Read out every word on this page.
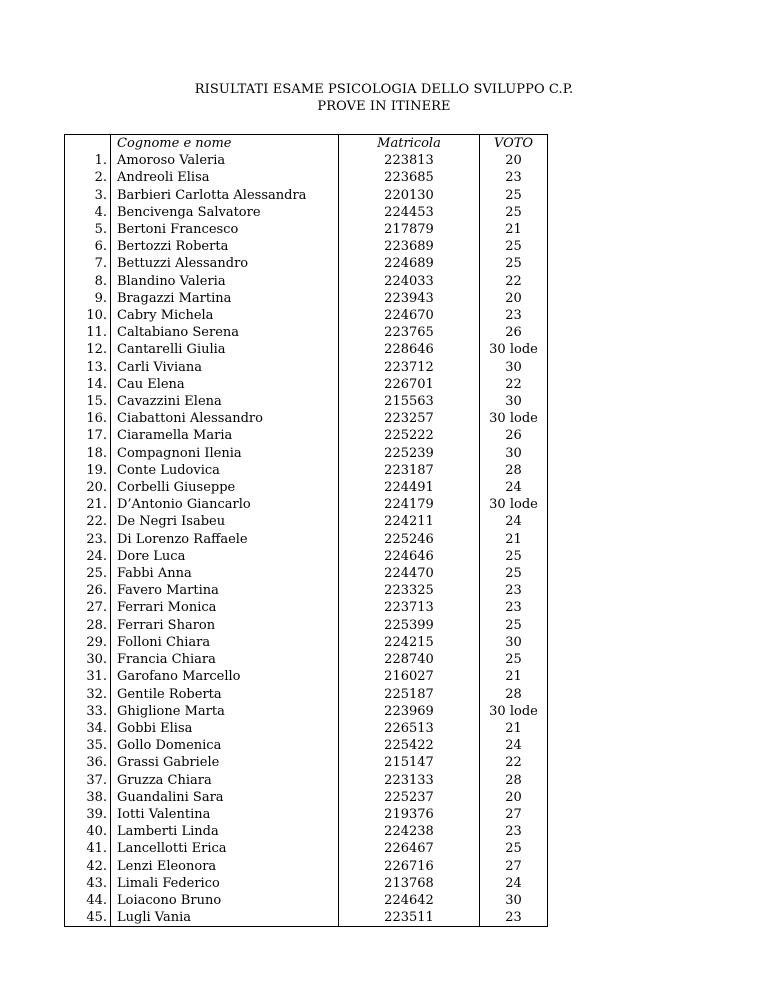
RISULTATI ESAME PSICOLOGIA DELLO SVILUPPO C.P.
PROVE IN ITINERE
	Cognome e nome	Matricola	VOTO
1.	Amoroso Valeria	223813	20
2.	Andreoli Elisa	223685	23
3.	Barbieri Carlotta Alessandra	220130	25
4.	Bencivenga Salvatore	224453	25
5.	Bertoni Francesco	217879	21
6.	Bertozzi Roberta	223689	25
7.	Bettuzzi Alessandro	224689	25
8.	Blandino Valeria	224033	22
9.	Bragazzi Martina	223943	20
10.	Cabry Michela	224670	23
11.	Caltabiano Serena	223765	26
12.	Cantarelli Giulia	228646	30 lode
13.	Carli Viviana	223712	30
14.	Cau Elena	226701	22
15.	Cavazzini Elena	215563	30
16.	Ciabattoni Alessandro	223257	30 lode
17.	Ciaramella Maria	225222	26
18.	Compagnoni Ilenia	225239	30
19.	Conte Ludovica	223187	28
20.	Corbelli Giuseppe	224491	24
21.	D’Antonio Giancarlo	224179	30 lode
22.	De Negri Isabeu	224211	24
23.	Di Lorenzo Raffaele	225246	21
24.	Dore Luca	224646	25
25.	Fabbi Anna	224470	25
26.	Favero Martina	223325	23
27.	Ferrari Monica	223713	23
28.	Ferrari Sharon	225399	25
29.	Folloni Chiara	224215	30
30.	Francia Chiara	228740	25
31.	Garofano Marcello	216027	21
32.	Gentile Roberta	225187	28
33.	Ghiglione Marta	223969	30 lode
34.	Gobbi Elisa	226513	21
35.	Gollo Domenica	225422	24
36.	Grassi Gabriele	215147	22
37.	Gruzza Chiara	223133	28
38.	Guandalini Sara	225237	20
39.	Iotti Valentina	219376	27
40.	Lamberti Linda	224238	23
41.	Lancellotti Erica	226467	25
42.	Lenzi Eleonora	226716	27
43.	Limali Federico	213768	24
44.	Loiacono Bruno	224642	30
45.	Lugli Vania	223511	23
